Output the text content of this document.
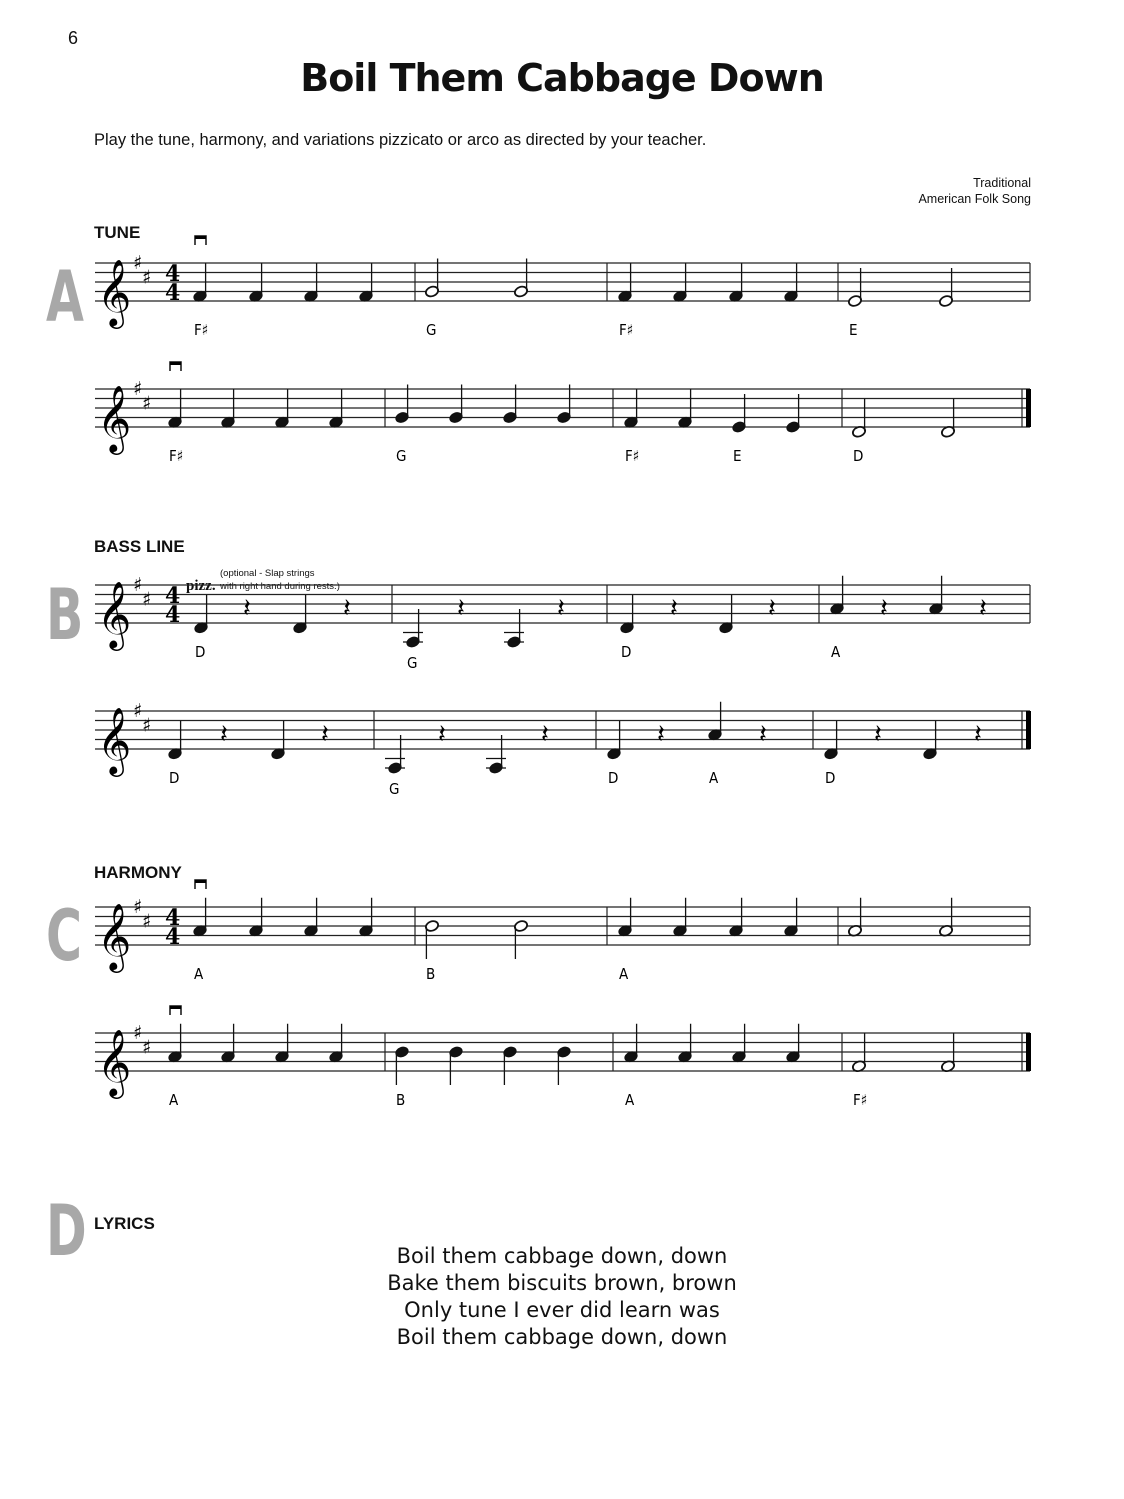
6
Boil Them Cabbage Down
Play the tune, harmony, and variations pizzicato or arco as directed by your teacher.
Traditional
American Folk Song
A
TUNE
B
BASS LINE
pizz.
(optional - Slap strings
with right hand during rests.)
C
HARMONY
D LYRICS
𝄞 ♯
♯ 4
4
F♯	G	F♯	E
𝄞 ♯
♯
F♯	G	F♯	E	D
𝄞 ♯
♯ 4
4 𝄽	𝄽	𝄽	𝄽	𝄽	𝄽	𝄽	𝄽
D
G
D	A
𝄞 ♯
♯	𝄽	𝄽	𝄽	𝄽	𝄽	𝄽	𝄽	𝄽
D
G
D	A	D
𝄞 ♯
♯ 4
4
A	B	A
𝄞 ♯
♯
A	B	A	F♯
Boil them cabbage down, down
Bake them biscuits brown, brown
Only tune I ever did learn was
Boil them cabbage down, down
